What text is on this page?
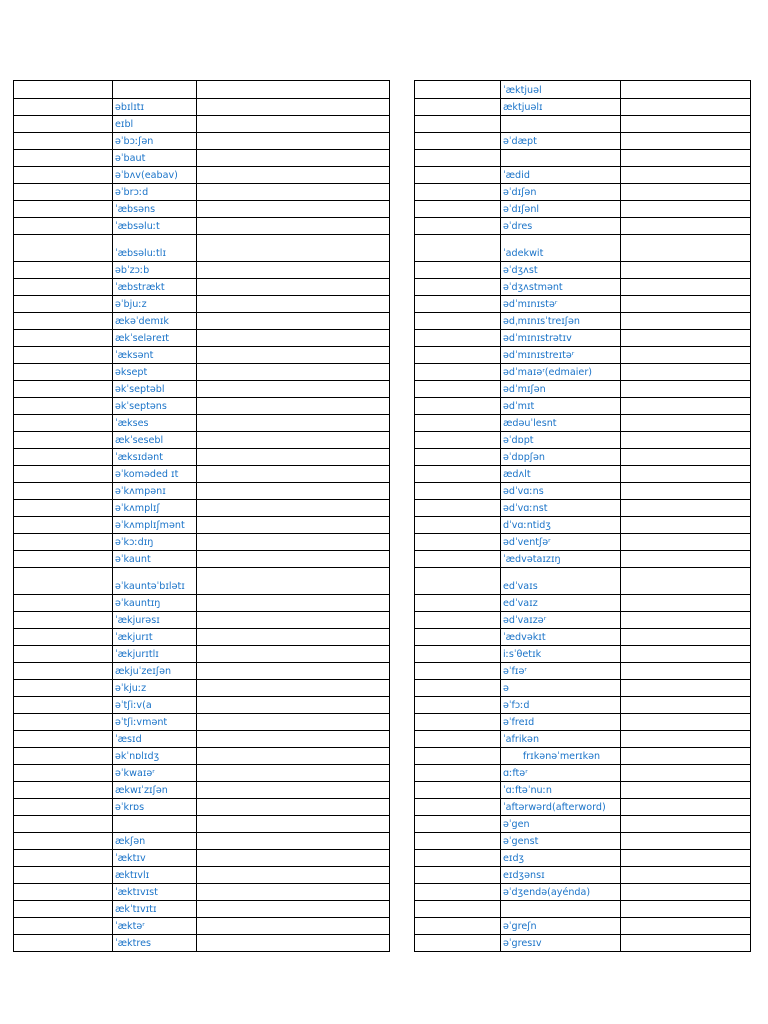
	əbɪlɪtɪ	
	eɪbl	
	əˈbɔːʃən	
	əˈbaut	
	əˈbʌv(eabav)	
	əˈbrɔːd	
	ˈæbsəns	
	ˈæbsəluːt	
	ˈæbsəluːtlɪ	
	əbˈzɔːb	
	ˈæbstrækt	
	əˈbjuːz	
	ækəˈdemɪk	
	ækˈseləreɪt	
	ˈæksənt	
	əksept	
	əkˈseptəbl	
	əkˈseptəns	
	ˈækses	
	ækˈsesebl	
	ˈæksɪdənt	
	əˈkoməded ɪt	
	əˈkʌmpənɪ	
	əˈkʌmplɪʃ	
	əˈkʌmplɪʃmənt	
	əˈkɔːdɪŋ	
	əˈkaunt	
	əˈkauntəˈbɪlətɪ	
	əˈkauntɪŋ	
	ˈækjurəsɪ	
	ˈækjurɪt	
	ˈækjurɪtlɪ	
	ækjuˈzeɪʃən	
	əˈkjuːz	
	əˈtʃiːv(a	
	əˈtʃiːvmənt	
	ˈæsɪd	
	əkˈnɒlɪdʒ	
	əˈkwaɪəʳ	
	ækwɪˈzɪʃən	
	əˈkrɒs	

	ækʃən	
	ˈæktɪv	
	æktɪvlɪ	
	ˈæktɪvɪst	
	ækˈtɪvɪtɪ	
	ˈæktəʳ	
	ˈæktres	
	ˈæktjuəl	
	æktjuəlɪ	

	əˈdæpt	

	ˈædid	
	əˈdɪʃən	
	əˈdɪʃənl	
	əˈdres	
	ˈadekwit	
	əˈdʒʌst	
	əˈdʒʌstmənt	
	ədˈmɪnɪstəʳ	
	ədˌmɪnɪsˈtreɪʃən	
	ədˈmɪnɪstrətɪv	
	ədˈmɪnɪstreɪtəʳ	
	ədˈmaɪəʳ(edmaier)	
	ədˈmɪʃən	
	ədˈmɪt	
	ædəuˈlesnt	
	əˈdɒpt	
	əˈdɒpʃən	
	ædʌlt	
	ədˈvɑːns	
	ədˈvɑːnst	
	dˈvɑːntidʒ	
	ədˈventʃəʳ	
	ˈædvətaɪzɪŋ	
	edˈvaɪs	
	edˈvaɪz	
	ədˈvaɪzəʳ	
	ˈædvəkɪt	
	iːsˈθetɪk	
	əˈfɪəʳ	
	ə	
	əˈfɔːd	
	əˈfreɪd	
	ˈafrikən	
	frɪkənəˈmerɪkən	
	ɑːftəʳ	
	ˈɑːftəˈnuːn	
	ˈaftərwərd(afterword)	
	əˈgen	
	əˈgenst	
	eɪdʒ	
	eɪdʒənsɪ	
	əˈdʒendə(ayénda)	

	əˈgreʃn	
	əˈgresɪv	
